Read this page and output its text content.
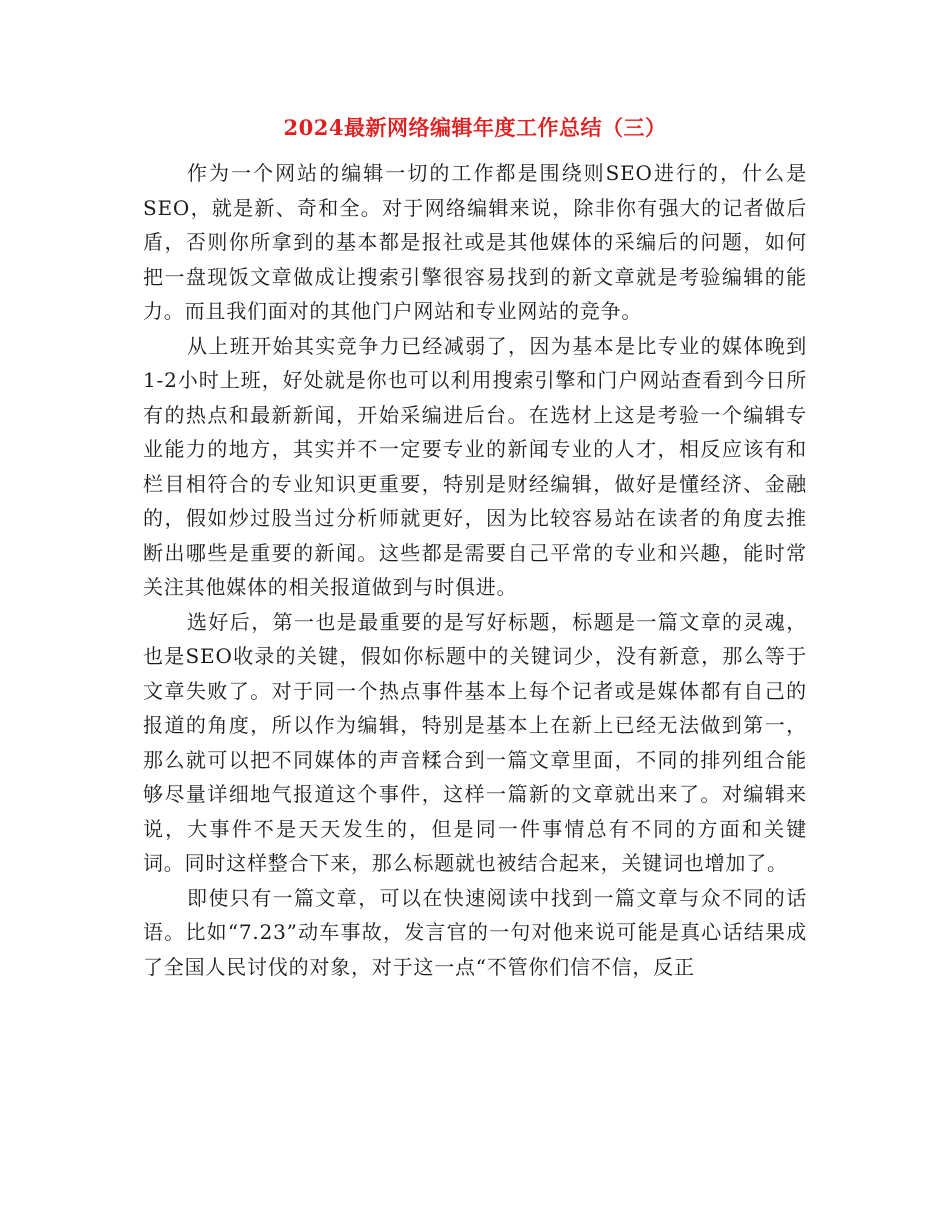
2024最新网络编辑年度工作总结（三）

作为一个网站的编辑一切的工作都是围绕则SEO进行的，什么是SEO，就是新、奇和全。对于网络编辑来说，除非你有强大的记者做后盾，否则你所拿到的基本都是报社或是其他媒体的采编后的问题，如何把一盘现饭文章做成让搜索引擎很容易找到的新文章就是考验编辑的能力。而且我们面对的其他门户网站和专业网站的竞争。

从上班开始其实竞争力已经减弱了，因为基本是比专业的媒体晚到1-2小时上班，好处就是你也可以利用搜索引擎和门户网站查看到今日所有的热点和最新新闻，开始采编进后台。在选材上这是考验一个编辑专业能力的地方，其实并不一定要专业的新闻专业的人才，相反应该有和栏目相符合的专业知识更重要，特别是财经编辑，做好是懂经济、金融的，假如炒过股当过分析师就更好，因为比较容易站在读者的角度去推断出哪些是重要的新闻。这些都是需要自己平常的专业和兴趣，能时常关注其他媒体的相关报道做到与时俱进。

选好后，第一也是最重要的是写好标题，标题是一篇文章的灵魂，也是SEO收录的关键，假如你标题中的关键词少，没有新意，那么等于文章失败了。对于同一个热点事件基本上每个记者或是媒体都有自己的报道的角度，所以作为编辑，特别是基本上在新上已经无法做到第一，那么就可以把不同媒体的声音糅合到一篇文章里面，不同的排列组合能够尽量详细地气报道这个事件，这样一篇新的文章就出来了。对编辑来说，大事件不是天天发生的，但是同一件事情总有不同的方面和关键词。同时这样整合下来，那么标题就也被结合起来，关键词也增加了。

即使只有一篇文章，可以在快速阅读中找到一篇文章与众不同的话语。比如“7.23”动车事故，发言官的一句对他来说可能是真心话结果成了全国人民讨伐的对象，对于这一点“不管你们信不信，反正
